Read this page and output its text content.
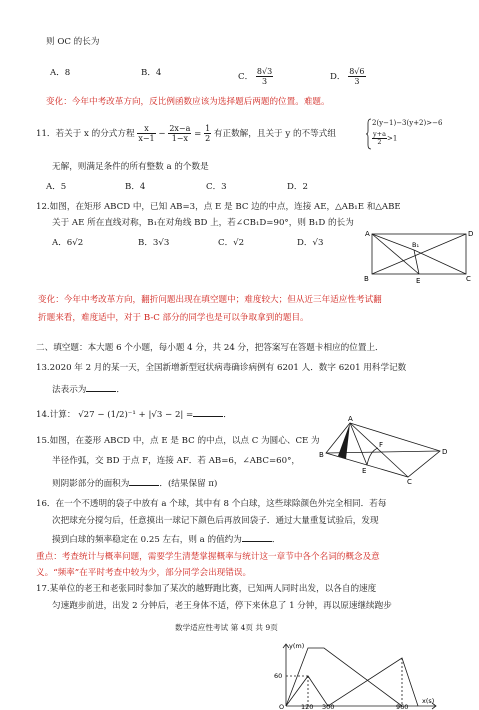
则 OC 的长为
A．8	B．4	C． $\frac{8√3}{3}$	D． $\frac{8√6}{3}$
变化：今年中考改革方向，反比例函数应该为选择题后两题的位置。难题。
11．若关于 x 的分式方程 $\frac{x}{x-1} - \frac{2x-a}{1-x} = \frac{1}{2}$ 有正数解，且关于 y 的不等式组
2(y−1)−3(y+2)>−6
$\frac{y+a}{2} >1$
无解，则满足条件的所有整数 a 的个数是
A．5	B．4	C．3	D．2
12.如图，在矩形 ABCD 中，已知 AB=3，点 E 是 BC 边的中点，连接 AE，△AB₁E 和△ABE
关于 AE 所在直线对称，B₁在对角线 BD 上，若∠CB₁D=90°，则 B₁D 的长为
A．6√2	B．3√3	C．√2	D．√3
A	D
B₁
B	E	C
变化：今年中考改革方向，翻折问题出现在填空题中；难度较大；但从近三年适应性考试翻
折题来看，难度适中，对于 B-C 部分的同学也是可以争取拿到的题目。
二、填空题：本大题 6 个小题，每小题 4 分，共 24 分，把答案写在答题卡相应的位置上．
13.2020 年 2 月的某一天，全国新增新型冠状病毒确诊病例有 6201 人．数字 6201 用科学记数
法表示为	．
14.计算： √27 − (1/2)⁻¹ + |√3 − 2| =	．
15.如图，在菱形 ABCD 中，点 E 是 BC 的中点，以点 C 为圆心、CE 为
半径作弧，交 BD 于点 F，连接 AF．若 AB=6，∠ABC=60°，
则阴影部分的面积为	．(结果保留 π)
A
B
C
D
E
F
16．在一个不透明的袋子中放有 a 个球，其中有 8 个白球，这些球除颜色外完全相同．若每
次把球充分搅匀后，任意摸出一球记下颜色后再放回袋子．通过大量重复试验后，发现
摸到白球的频率稳定在 0.25 左右，则 a 的值约为	．
重点：考查统计与概率问题，需要学生清楚掌握概率与统计这一章节中各个名词的概念及意
义。“频率”在平时考查中较为少，部分同学会出现错误。
17.某单位的老王和老张同时参加了某次的越野跑比赛，已知两人同时出发，以各自的速度
匀速跑步前进，出发 2 分钟后，老王身体不适，停下来休息了 1 分钟，再以原速继续跑步
数学适应性考试 第 4页 共 9页
y(m)
x(s)
O
60
120 300	960
